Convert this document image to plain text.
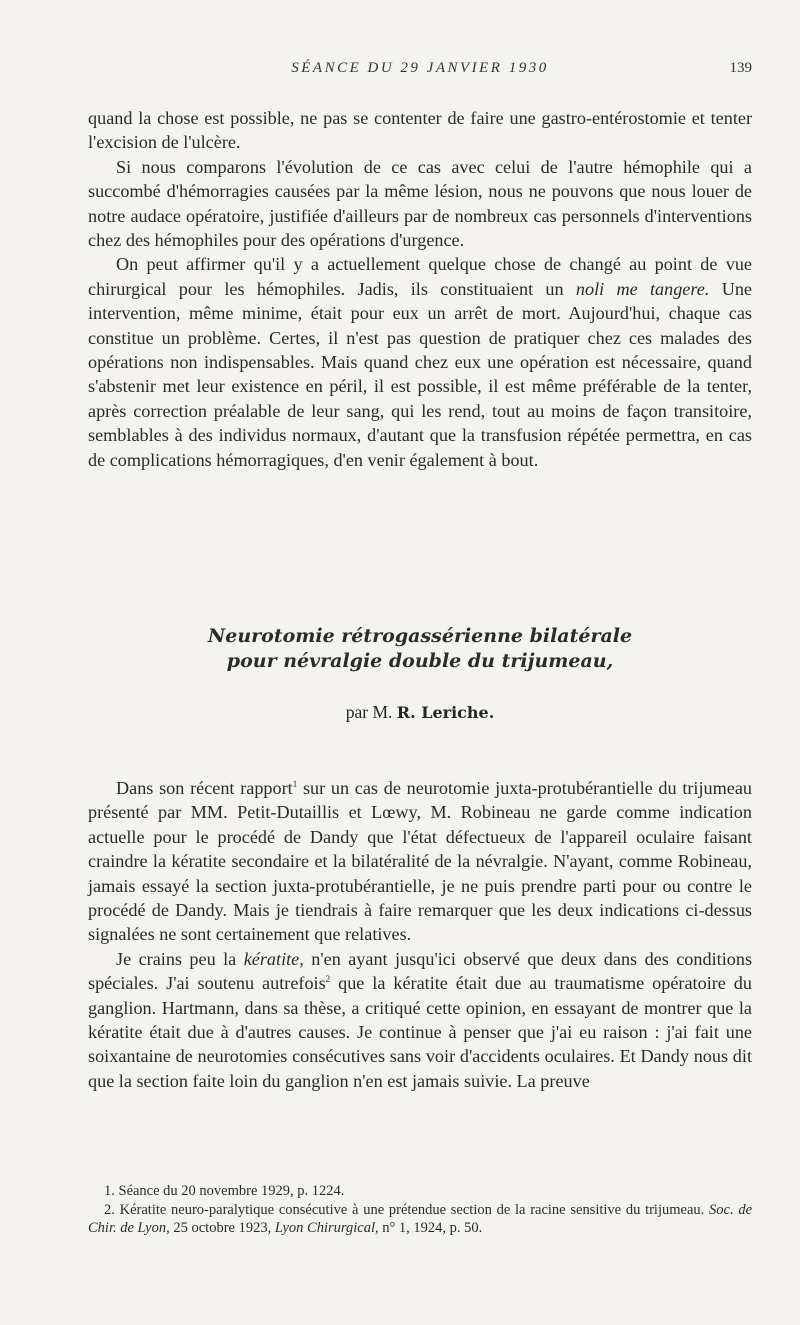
SÉANCE DU 29 JANVIER 1930	139

quand la chose est possible, ne pas se contenter de faire une gastro-entérostomie et tenter l'excision de l'ulcère.

Si nous comparons l'évolution de ce cas avec celui de l'autre hémophile qui a succombé d'hémorragies causées par la même lésion, nous ne pouvons que nous louer de notre audace opératoire, justifiée d'ailleurs par de nombreux cas personnels d'interventions chez des hémophiles pour des opérations d'urgence.

On peut affirmer qu'il y a actuellement quelque chose de changé au point de vue chirurgical pour les hémophiles. Jadis, ils constituaient un noli me tangere. Une intervention, même minime, était pour eux un arrêt de mort. Aujourd'hui, chaque cas constitue un problème. Certes, il n'est pas question de pratiquer chez ces malades des opérations non indispensables. Mais quand chez eux une opération est nécessaire, quand s'abstenir met leur existence en péril, il est possible, il est même préférable de la tenter, après correction préalable de leur sang, qui les rend, tout au moins de façon transitoire, semblables à des individus normaux, d'autant que la transfusion répétée permettra, en cas de complications hémorragiques, d'en venir également à bout.

Neurotomie rétrogassérienne bilatérale
pour névralgie double du trijumeau,
par M. R. Leriche.

Dans son récent rapport$^1$ sur un cas de neurotomie juxta-protubérantielle du trijumeau présenté par MM. Petit-Dutaillis et Lœwy, M. Robineau ne garde comme indication actuelle pour le procédé de Dandy que l'état défectueux de l'appareil oculaire faisant craindre la kératite secondaire et la bilatéralité de la névralgie. N'ayant, comme Robineau, jamais essayé la section juxta-protubérantielle, je ne puis prendre parti pour ou contre le procédé de Dandy. Mais je tiendrais à faire remarquer que les deux indications ci-dessus signalées ne sont certainement que relatives.

Je crains peu la kératite, n'en ayant jusqu'ici observé que deux dans des conditions spéciales. J'ai soutenu autrefois$^2$ que la kératite était due au traumatisme opératoire du ganglion. Hartmann, dans sa thèse, a critiqué cette opinion, en essayant de montrer que la kératite était due à d'autres causes. Je continue à penser que j'ai eu raison : j'ai fait une soixantaine de neurotomies consécutives sans voir d'accidents oculaires. Et Dandy nous dit que la section faite loin du ganglion n'en est jamais suivie. La preuve

1. Séance du 20 novembre 1929, p. 1224.

2. Kératite neuro-paralytique consécutive à une prétendue section de la racine sensitive du trijumeau. Soc. de Chir. de Lyon, 25 octobre 1923, Lyon Chirurgical, n° 1, 1924, p. 50.
